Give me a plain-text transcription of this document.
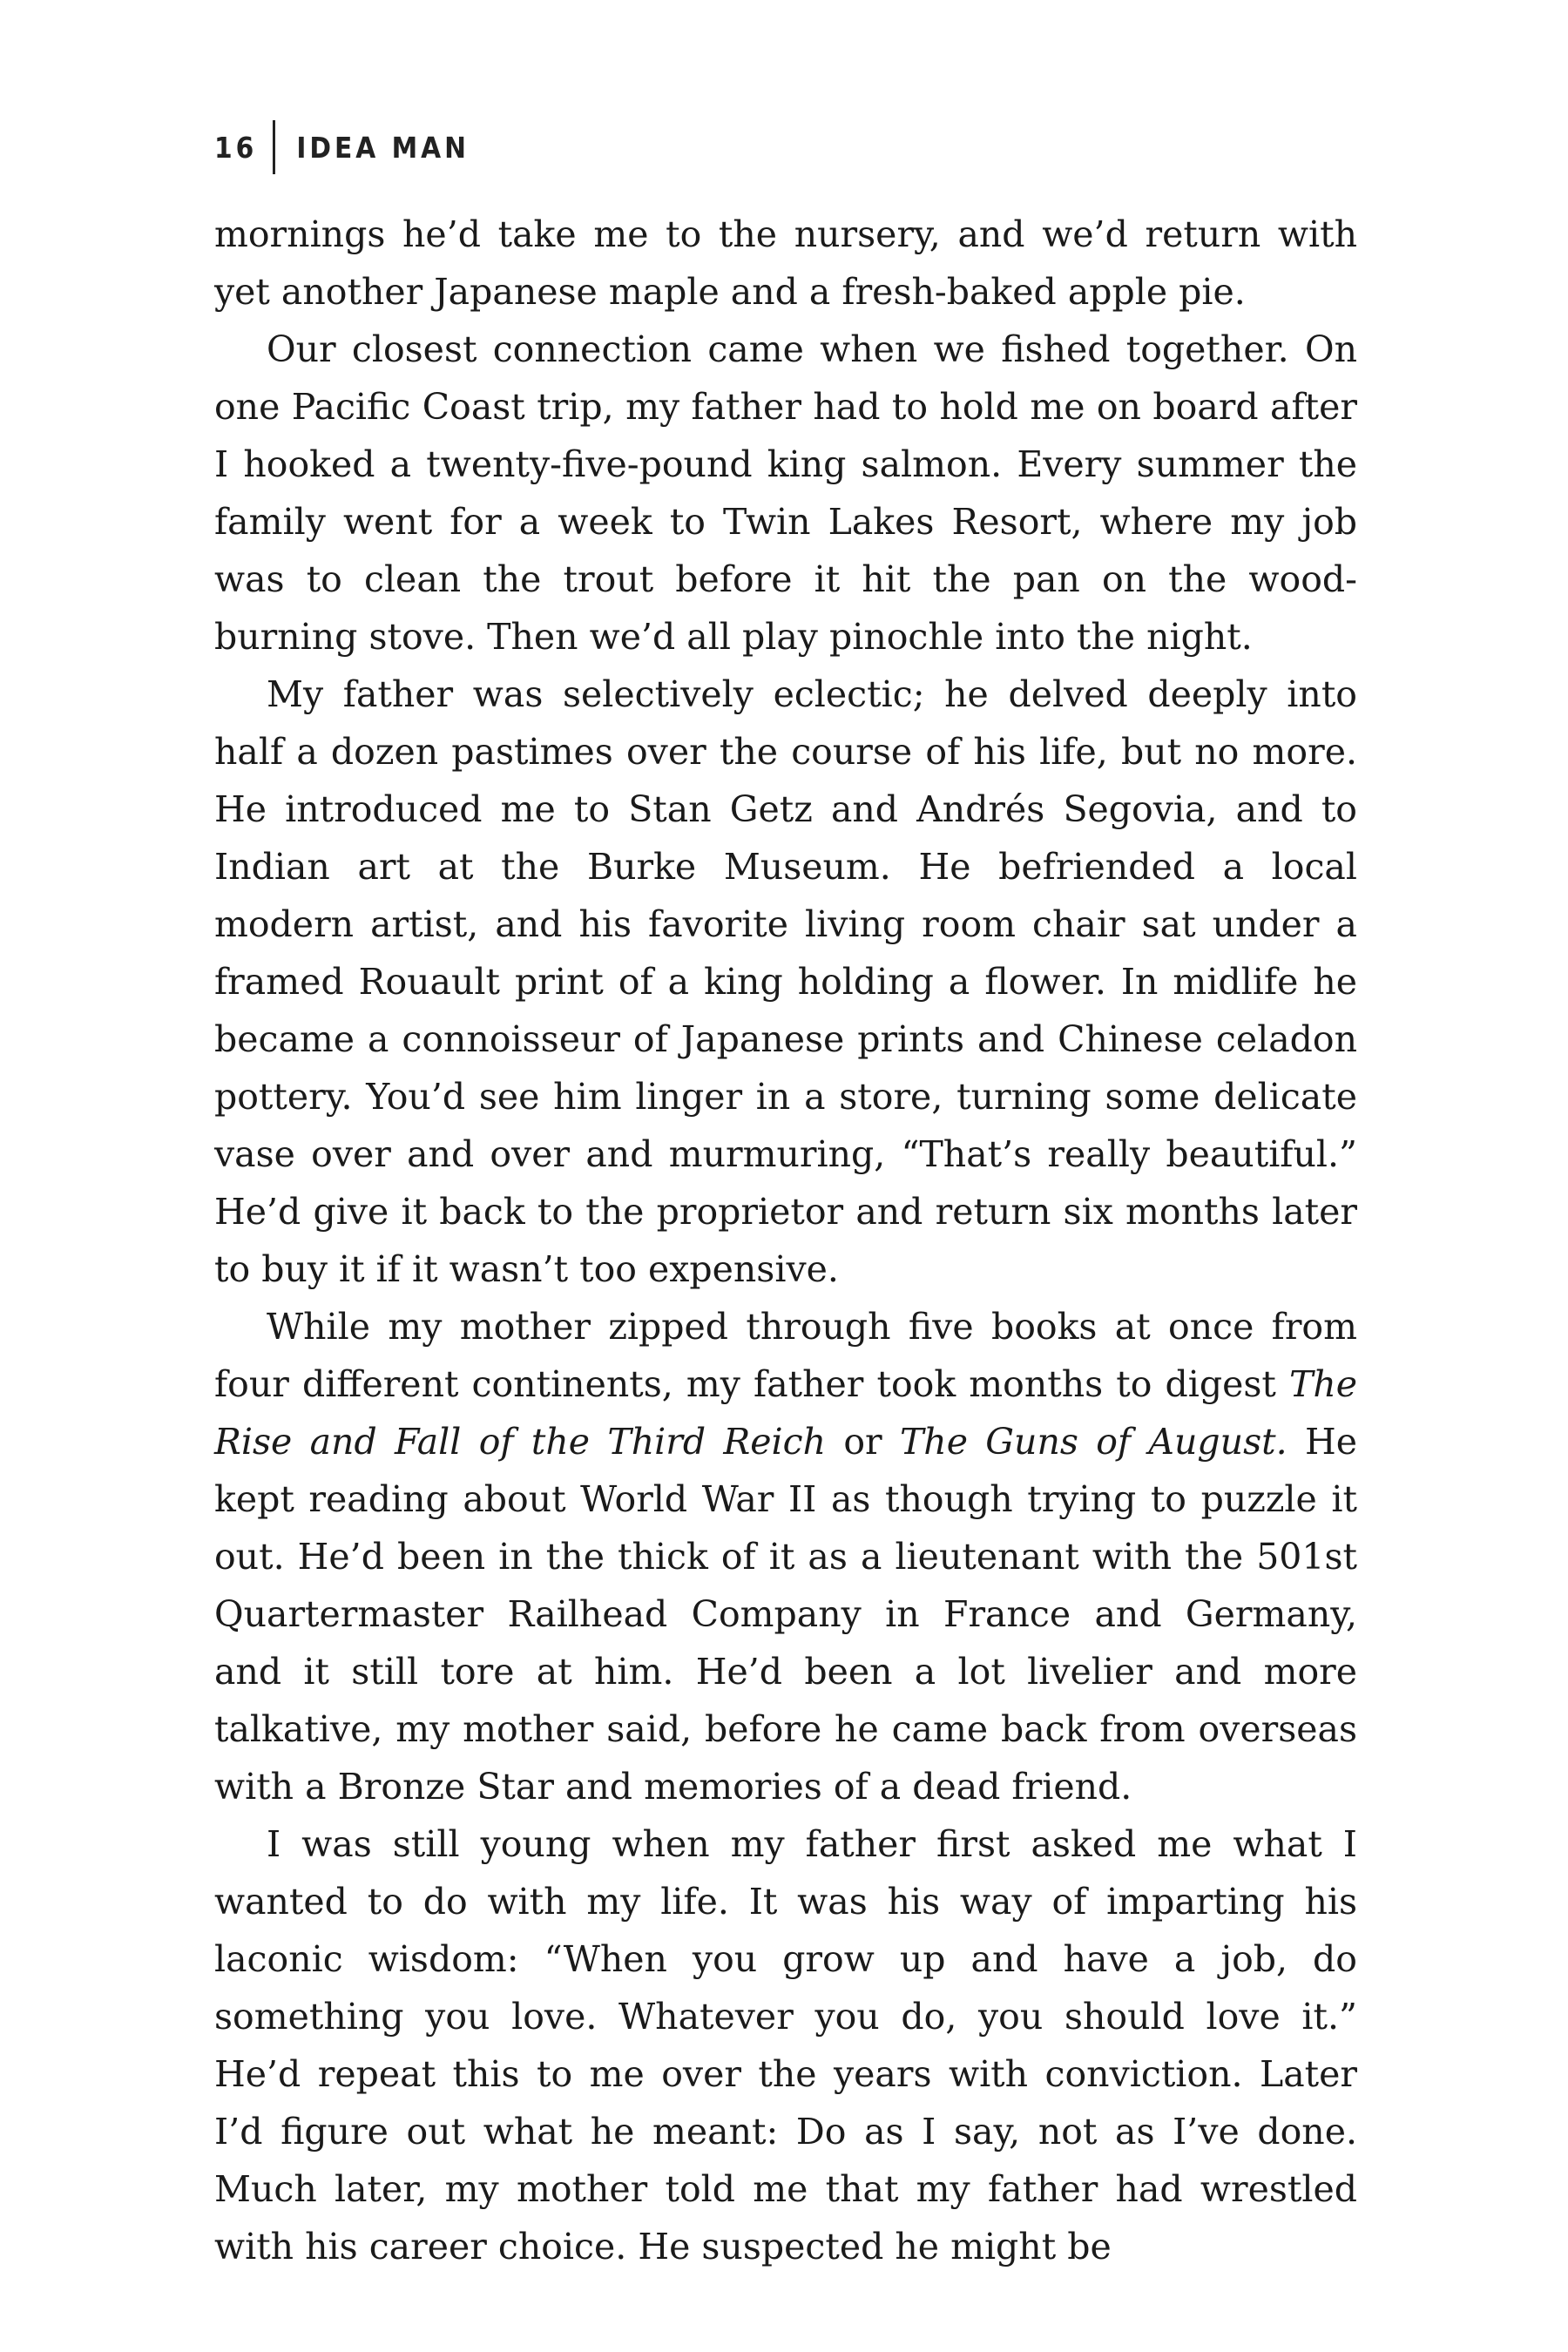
16 IDEA MAN

mornings he’d take me to the nursery, and we’d return with yet another Japanese maple and a fresh-baked apple pie.

Our closest connection came when we fished together. On one Pacific Coast trip, my father had to hold me on board after I hooked a twenty-five-pound king salmon. Every summer the family went for a week to Twin Lakes Resort, where my job was to clean the trout before it hit the pan on the wood-burning stove. Then we’d all play pinochle into the night.

My father was selectively eclectic; he delved deeply into half a dozen pastimes over the course of his life, but no more. He introduced me to Stan Getz and Andrés Segovia, and to Indian art at the Burke Museum. He befriended a local modern artist, and his favorite living room chair sat under a framed Rouault print of a king holding a flower. In midlife he became a connoisseur of Japanese prints and Chinese celadon pottery. You’d see him linger in a store, turning some delicate vase over and over and murmuring, “That’s really beautiful.” He’d give it back to the proprietor and return six months later to buy it if it wasn’t too expensive.

While my mother zipped through five books at once from four different continents, my father took months to digest The Rise and Fall of the Third Reich or The Guns of August. He kept reading about World War II as though trying to puzzle it out. He’d been in the thick of it as a lieutenant with the 501st Quartermaster Railhead Company in France and Germany, and it still tore at him. He’d been a lot livelier and more talkative, my mother said, before he came back from overseas with a Bronze Star and memories of a dead friend.

I was still young when my father first asked me what I wanted to do with my life. It was his way of imparting his laconic wisdom: “When you grow up and have a job, do something you love. Whatever you do, you should love it.” He’d repeat this to me over the years with conviction. Later I’d figure out what he meant: Do as I say, not as I’ve done. Much later, my mother told me that my father had wrestled with his career choice. He suspected he might be
